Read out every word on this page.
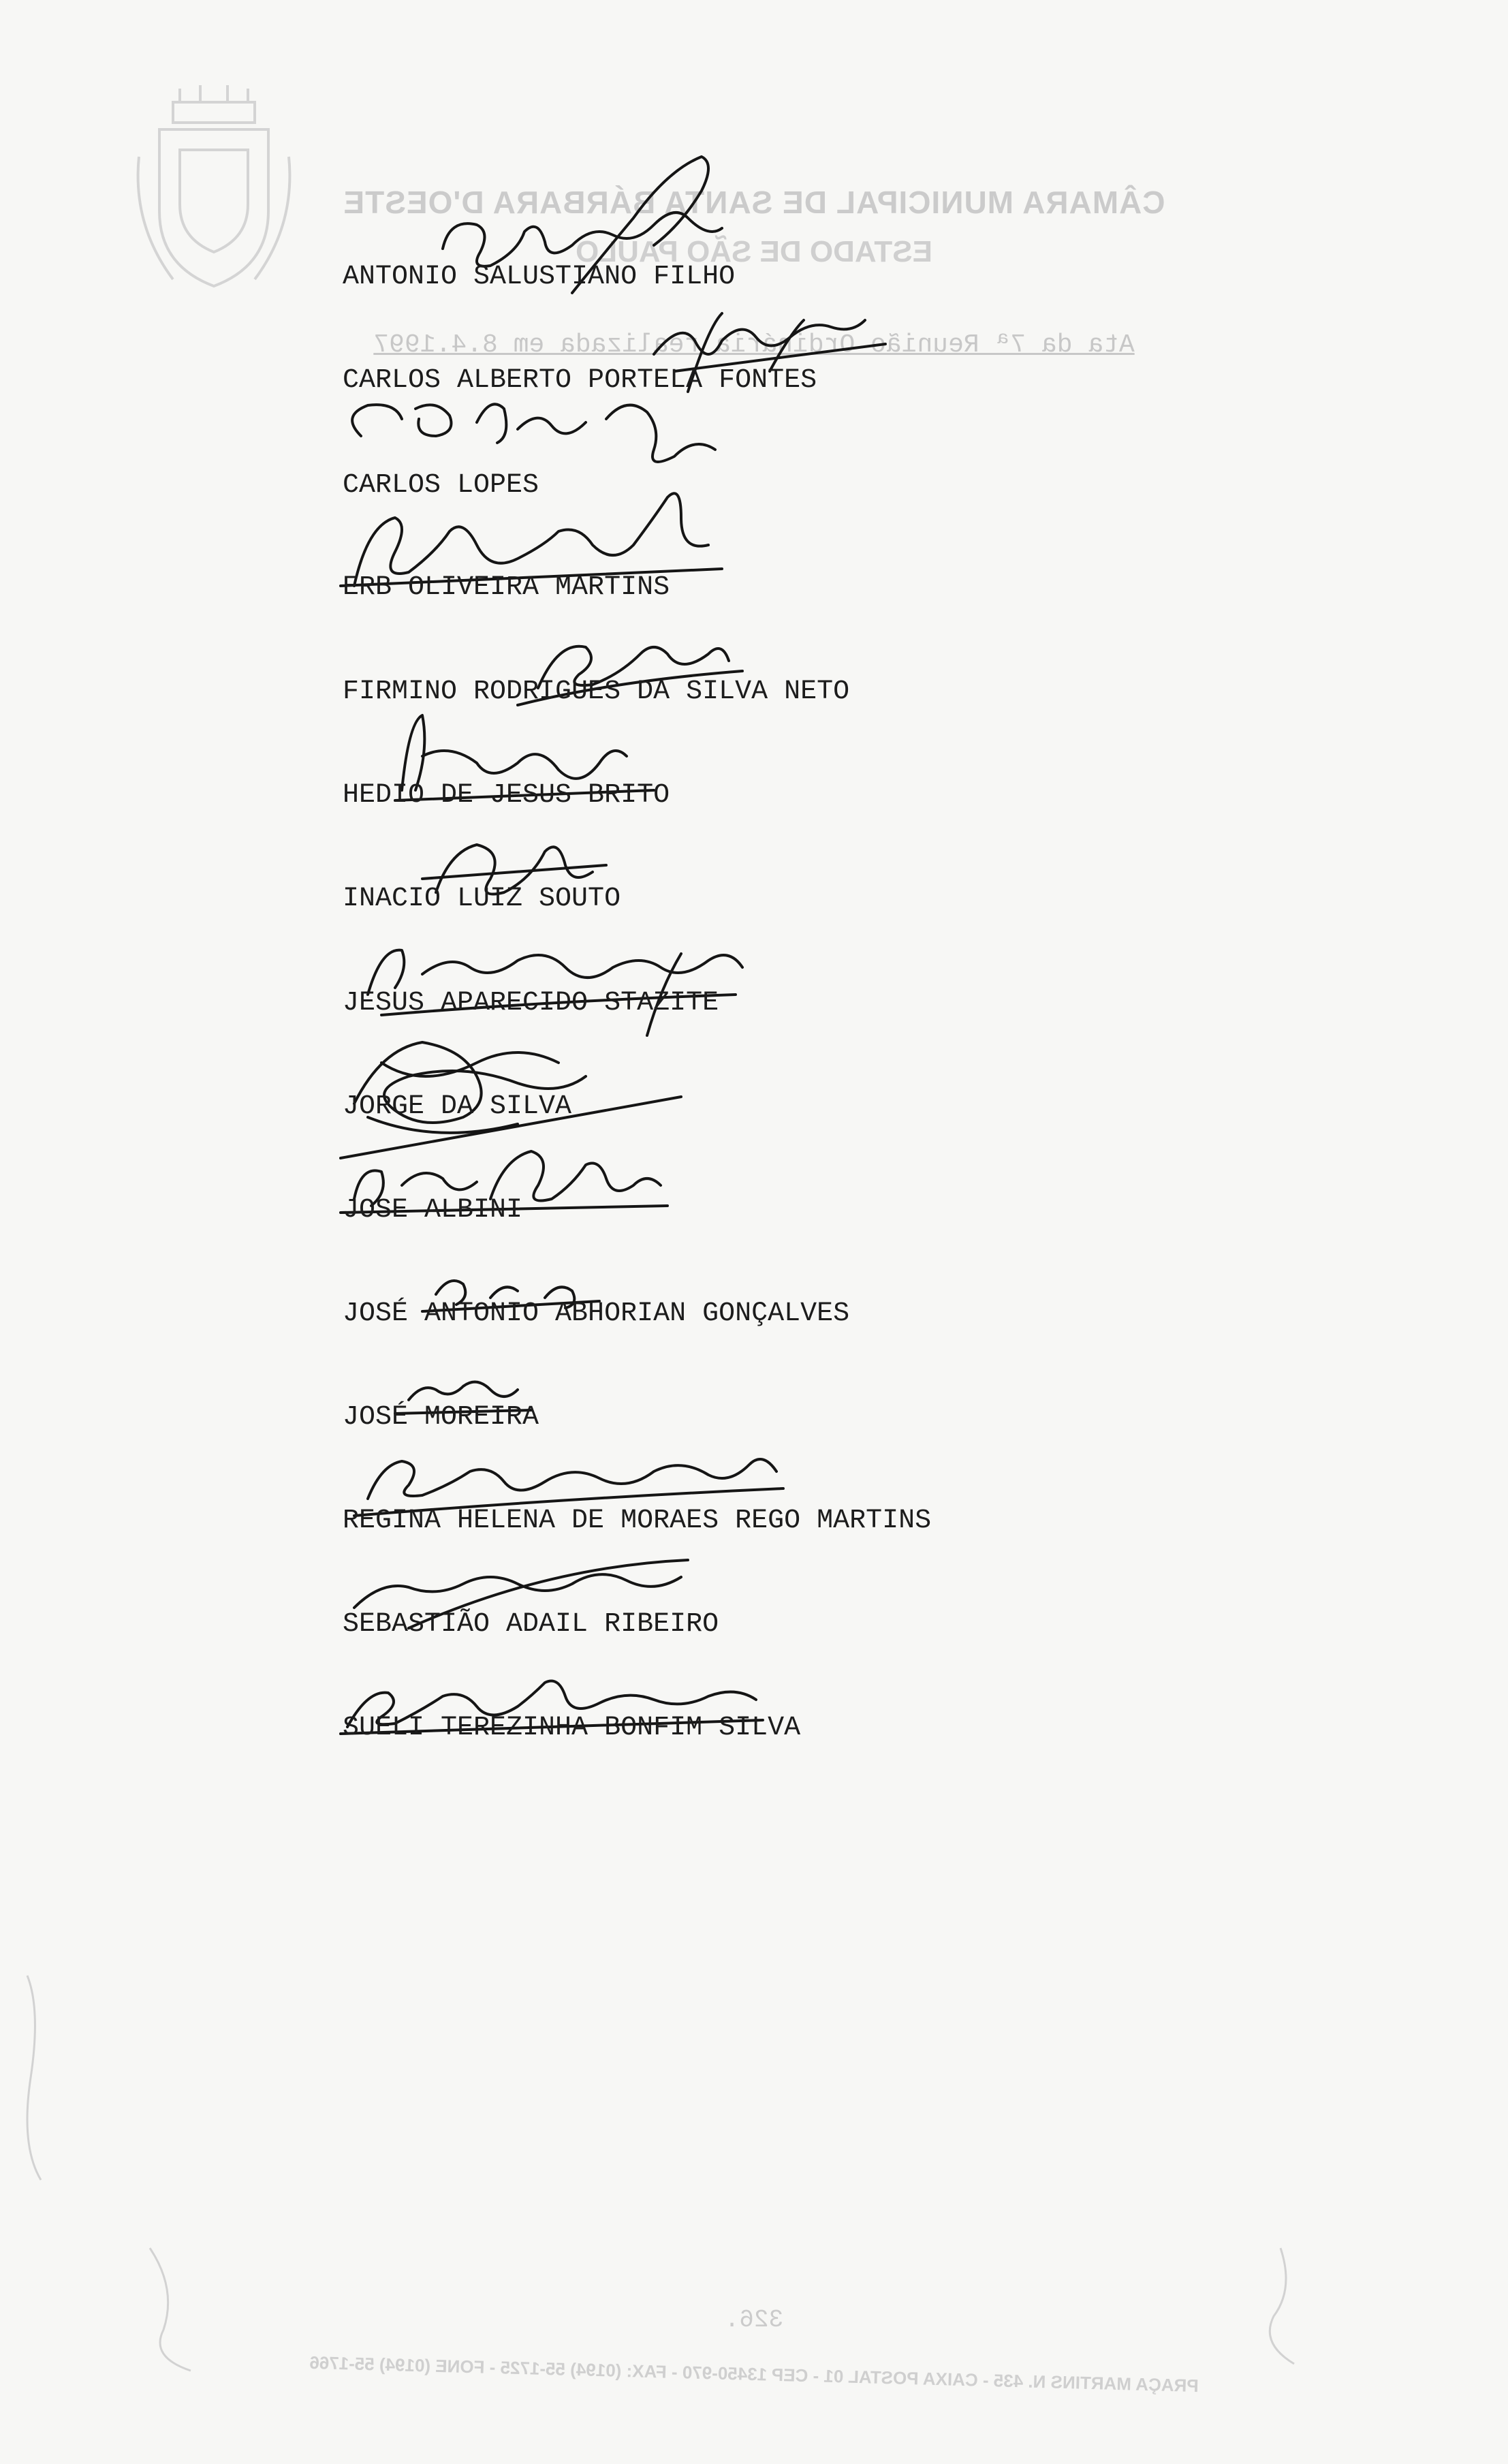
CÂMARA MUNICIPAL DE SANTA BÁRBARA D'OESTE
ESTADO DE SÃO PAULO
Ata da 7ª Reunião Ordinária realizada em 8.4.1997
326.
PRAÇA MARTINS N. 435 - CAIXA POSTAL 01 - CEP 13450-970 - FAX: (0194) 55-1725 - FONE (0194) 55-1766
ANTONIO SALUSTIANO FILHO
CARLOS ALBERTO PORTELA FONTES
CARLOS LOPES
ERB OLIVEIRA MARTINS
FIRMINO RODRIGUES DA SILVA NETO
HEDIO DE JESUS BRITO
INACIO LUIZ SOUTO
JESUS APARECIDO STAZITE
JORGE DA SILVA
JOSE ALBINI
JOSÉ ANTONIO ABHORIAN GONÇALVES
JOSÉ MOREIRA
REGINA HELENA DE MORAES REGO MARTINS
SEBASTIÃO ADAIL RIBEIRO
SUELI TEREZINHA BONFIM SILVA
